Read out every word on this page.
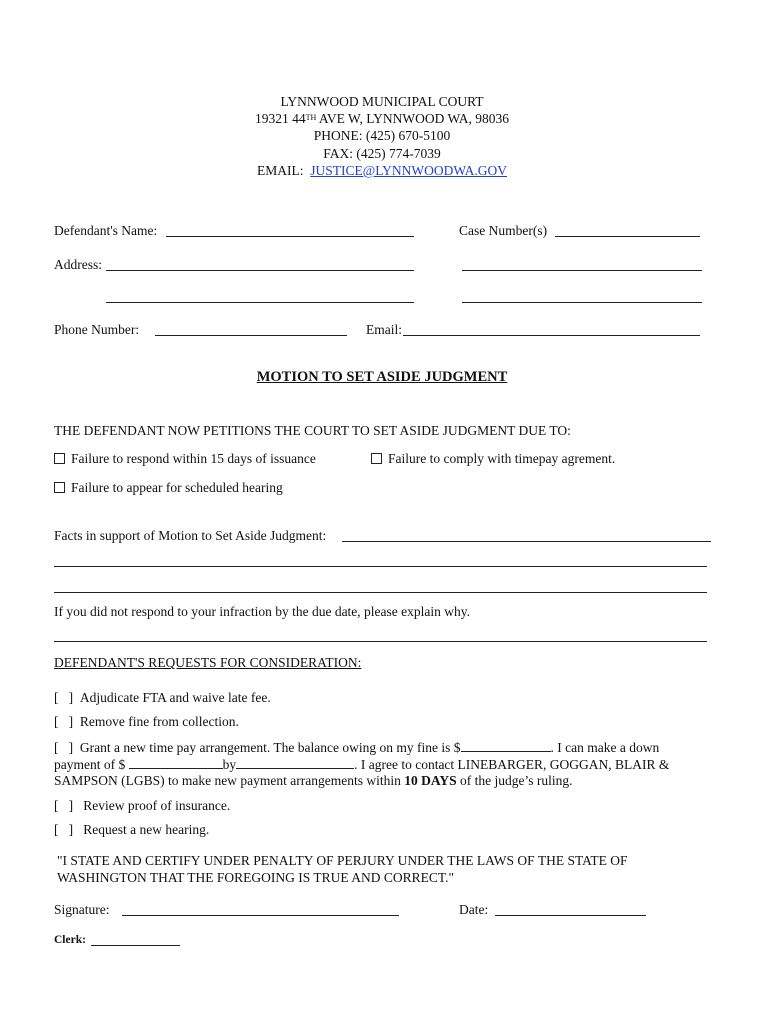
LYNNWOOD MUNICIPAL COURT
19321 44TH AVE W, LYNNWOOD WA, 98036
PHONE: (425) 670-5100
FAX: (425) 774-7039
EMAIL:  JUSTICE@LYNNWOODWA.GOV
Defendant's Name:	Case Number(s)
Address:
Phone Number:	Email:
MOTION TO SET ASIDE JUDGMENT
THE DEFENDANT NOW PETITIONS THE COURT TO SET ASIDE JUDGMENT DUE TO:
Failure to respond within 15 days of issuance	Failure to comply with timepay agrement.
Failure to appear for scheduled hearing
Facts in support of Motion to Set Aside Judgment:
If you did not respond to your infraction by the due date, please explain why.
DEFENDANT'S REQUESTS FOR CONSIDERATION:
[   ] Adjudicate FTA and waive late fee.
[   ] Remove fine from collection.
[   ] Grant a new time pay arrangement. The balance owing on my fine is $	. I can make a down
payment of $	by	. I agree to contact LINEBARGER, GOGGAN, BLAIR &
SAMPSON (LGBS) to make new payment arrangements within 10 DAYS of the judge’s ruling.
[   ] Review proof of insurance.
[   ] Request a new hearing.
"I STATE AND CERTIFY UNDER PENALTY OF PERJURY UNDER THE LAWS OF THE STATE OF
WASHINGTON THAT THE FOREGOING IS TRUE AND CORRECT."
Signature:	Date:
Clerk:
